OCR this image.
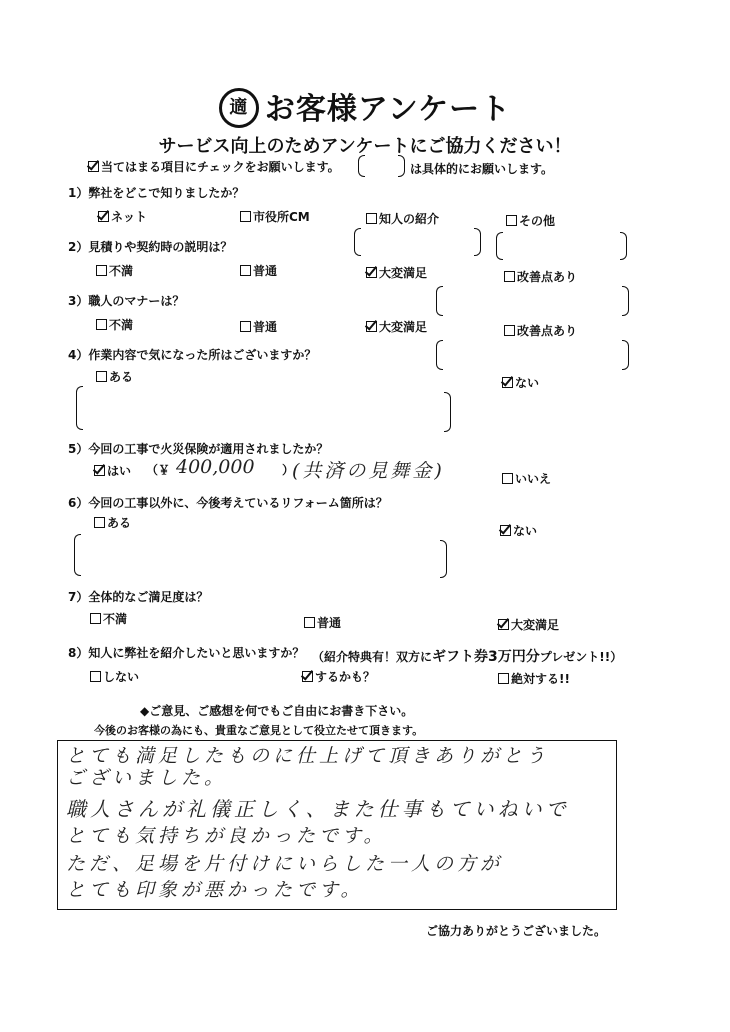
適 お客様アンケート
サービス向上のためアンケートにご協力ください！
当てはまる項目にチェックをお願いします。	は具体的にお願いします。
1）弊社をどこで知りましたか？
ネット	市役所CM	知人の紹介	その他
2）見積りや契約時の説明は？
不満	普通	大変満足	改善点あり
3）職人のマナーは？
不満	普通	大変満足	改善点あり
4）作業内容で気になった所はございますか？
ある	ない
5）今回の工事で火災保険が適用されましたか？
はい （￥ 400,000 ）
(共済の見舞金)	いいえ
6）今回の工事以外に、今後考えているリフォーム箇所は？
ある
ない
7）全体的なご満足度は？
不満	普通	大変満足
8）知人に弊社を紹介したいと思いますか？ （紹介特典有！双方にギフト券3万円分プレゼント!!）
しない	するかも？	絶対する!!
◆ご意見、ご感想を何でもご自由にお書き下さい。
今後のお客様の為にも、貴重なご意見として役立たせて頂きます。
とても満足したものに仕上げて頂きありがとう
ございました。
職人さんが礼儀正しく、また仕事もていねいで
とても気持ちが良かったです。
ただ、足場を片付けにいらした一人の方が
とても印象が悪かったです。
ご協力ありがとうございました。
